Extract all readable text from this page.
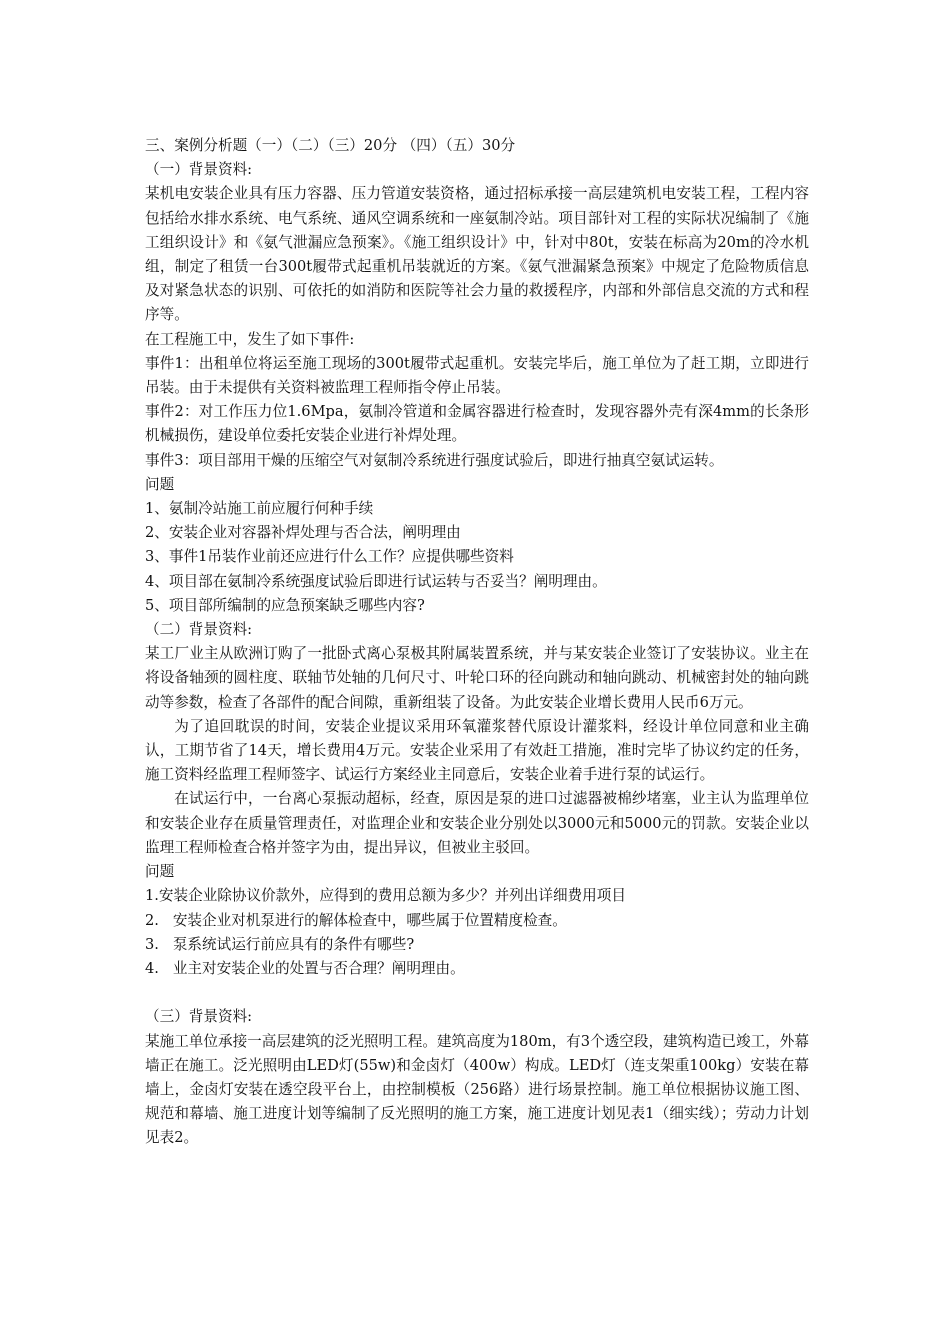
三、案例分析题（一）（二）（三）20分 （四）（五）30分

（一）背景资料:

某机电安装企业具有压力容器、压力管道安装资格，通过招标承接一高层建筑机电安装工程，工程内容包括给水排水系统、电气系统、通风空调系统和一座氨制冷站。项目部针对工程的实际状况编制了《施工组织设计》和《氨气泄漏应急预案》。《施工组织设计》中，针对中80t，安装在标高为20m的冷水机组，制定了租赁一台300t履带式起重机吊装就近的方案。《氨气泄漏紧急预案》中规定了危险物质信息及对紧急状态的识别、可依托的如消防和医院等社会力量的救援程序，内部和外部信息交流的方式和程序等。

在工程施工中，发生了如下事件:

事件1：出租单位将运至施工现场的300t履带式起重机。安装完毕后，施工单位为了赶工期，立即进行吊装。由于未提供有关资料被监理工程师指令停止吊装。

事件2：对工作压力位1.6Mpa，氨制冷管道和金属容器进行检查时，发现容器外壳有深4mm的长条形机械损伤，建设单位委托安装企业进行补焊处理。

事件3：项目部用干燥的压缩空气对氨制冷系统进行强度试验后，即进行抽真空氨试运转。

问题

1、氨制冷站施工前应履行何种手续

2、安装企业对容器补焊处理与否合法，阐明理由

3、事件1吊装作业前还应进行什么工作？应提供哪些资料

4、项目部在氨制冷系统强度试验后即进行试运转与否妥当？阐明理由。

5、项目部所编制的应急预案缺乏哪些内容?

（二）背景资料:

某工厂业主从欧洲订购了一批卧式离心泵极其附属装置系统，并与某安装企业签订了安装协议。业主在将设备轴颈的圆柱度、联轴节处轴的几何尺寸、叶轮口环的径向跳动和轴向跳动、机械密封处的轴向跳动等参数，检查了各部件的配合间隙，重新组装了设备。为此安装企业增长费用人民币6万元。

为了追回耽误的时间，安装企业提议采用环氧灌浆替代原设计灌浆料，经设计单位同意和业主确认，工期节省了14天，增长费用4万元。安装企业采用了有效赶工措施，准时完毕了协议约定的任务，施工资料经监理工程师签字、试运行方案经业主同意后，安装企业着手进行泵的试运行。

在试运行中，一台离心泵振动超标，经查，原因是泵的进口过滤器被棉纱堵塞，业主认为监理单位和安装企业存在质量管理责任，对监理企业和安装企业分别处以3000元和5000元的罚款。安装企业以监理工程师检查合格并签字为由，提出异议，但被业主驳回。

问题

1.安装企业除协议价款外，应得到的费用总额为多少？并列出详细费用项目

2.   安装企业对机泵进行的解体检查中，哪些属于位置精度检查。

3.   泵系统试运行前应具有的条件有哪些?

4.   业主对安装企业的处置与否合理？阐明理由。

（三）背景资料:

某施工单位承接一高层建筑的泛光照明工程。建筑高度为180m，有3个透空段，建筑构造已竣工，外幕墙正在施工。泛光照明由LED灯(55w)和金卤灯（400w）构成。LED灯（连支架重100kg）安装在幕墙上，金卤灯安装在透空段平台上，由控制模板（256路）进行场景控制。施工单位根据协议施工图、规范和幕墙、施工进度计划等编制了反光照明的施工方案，施工进度计划见表1（细实线）；劳动力计划见表2。
